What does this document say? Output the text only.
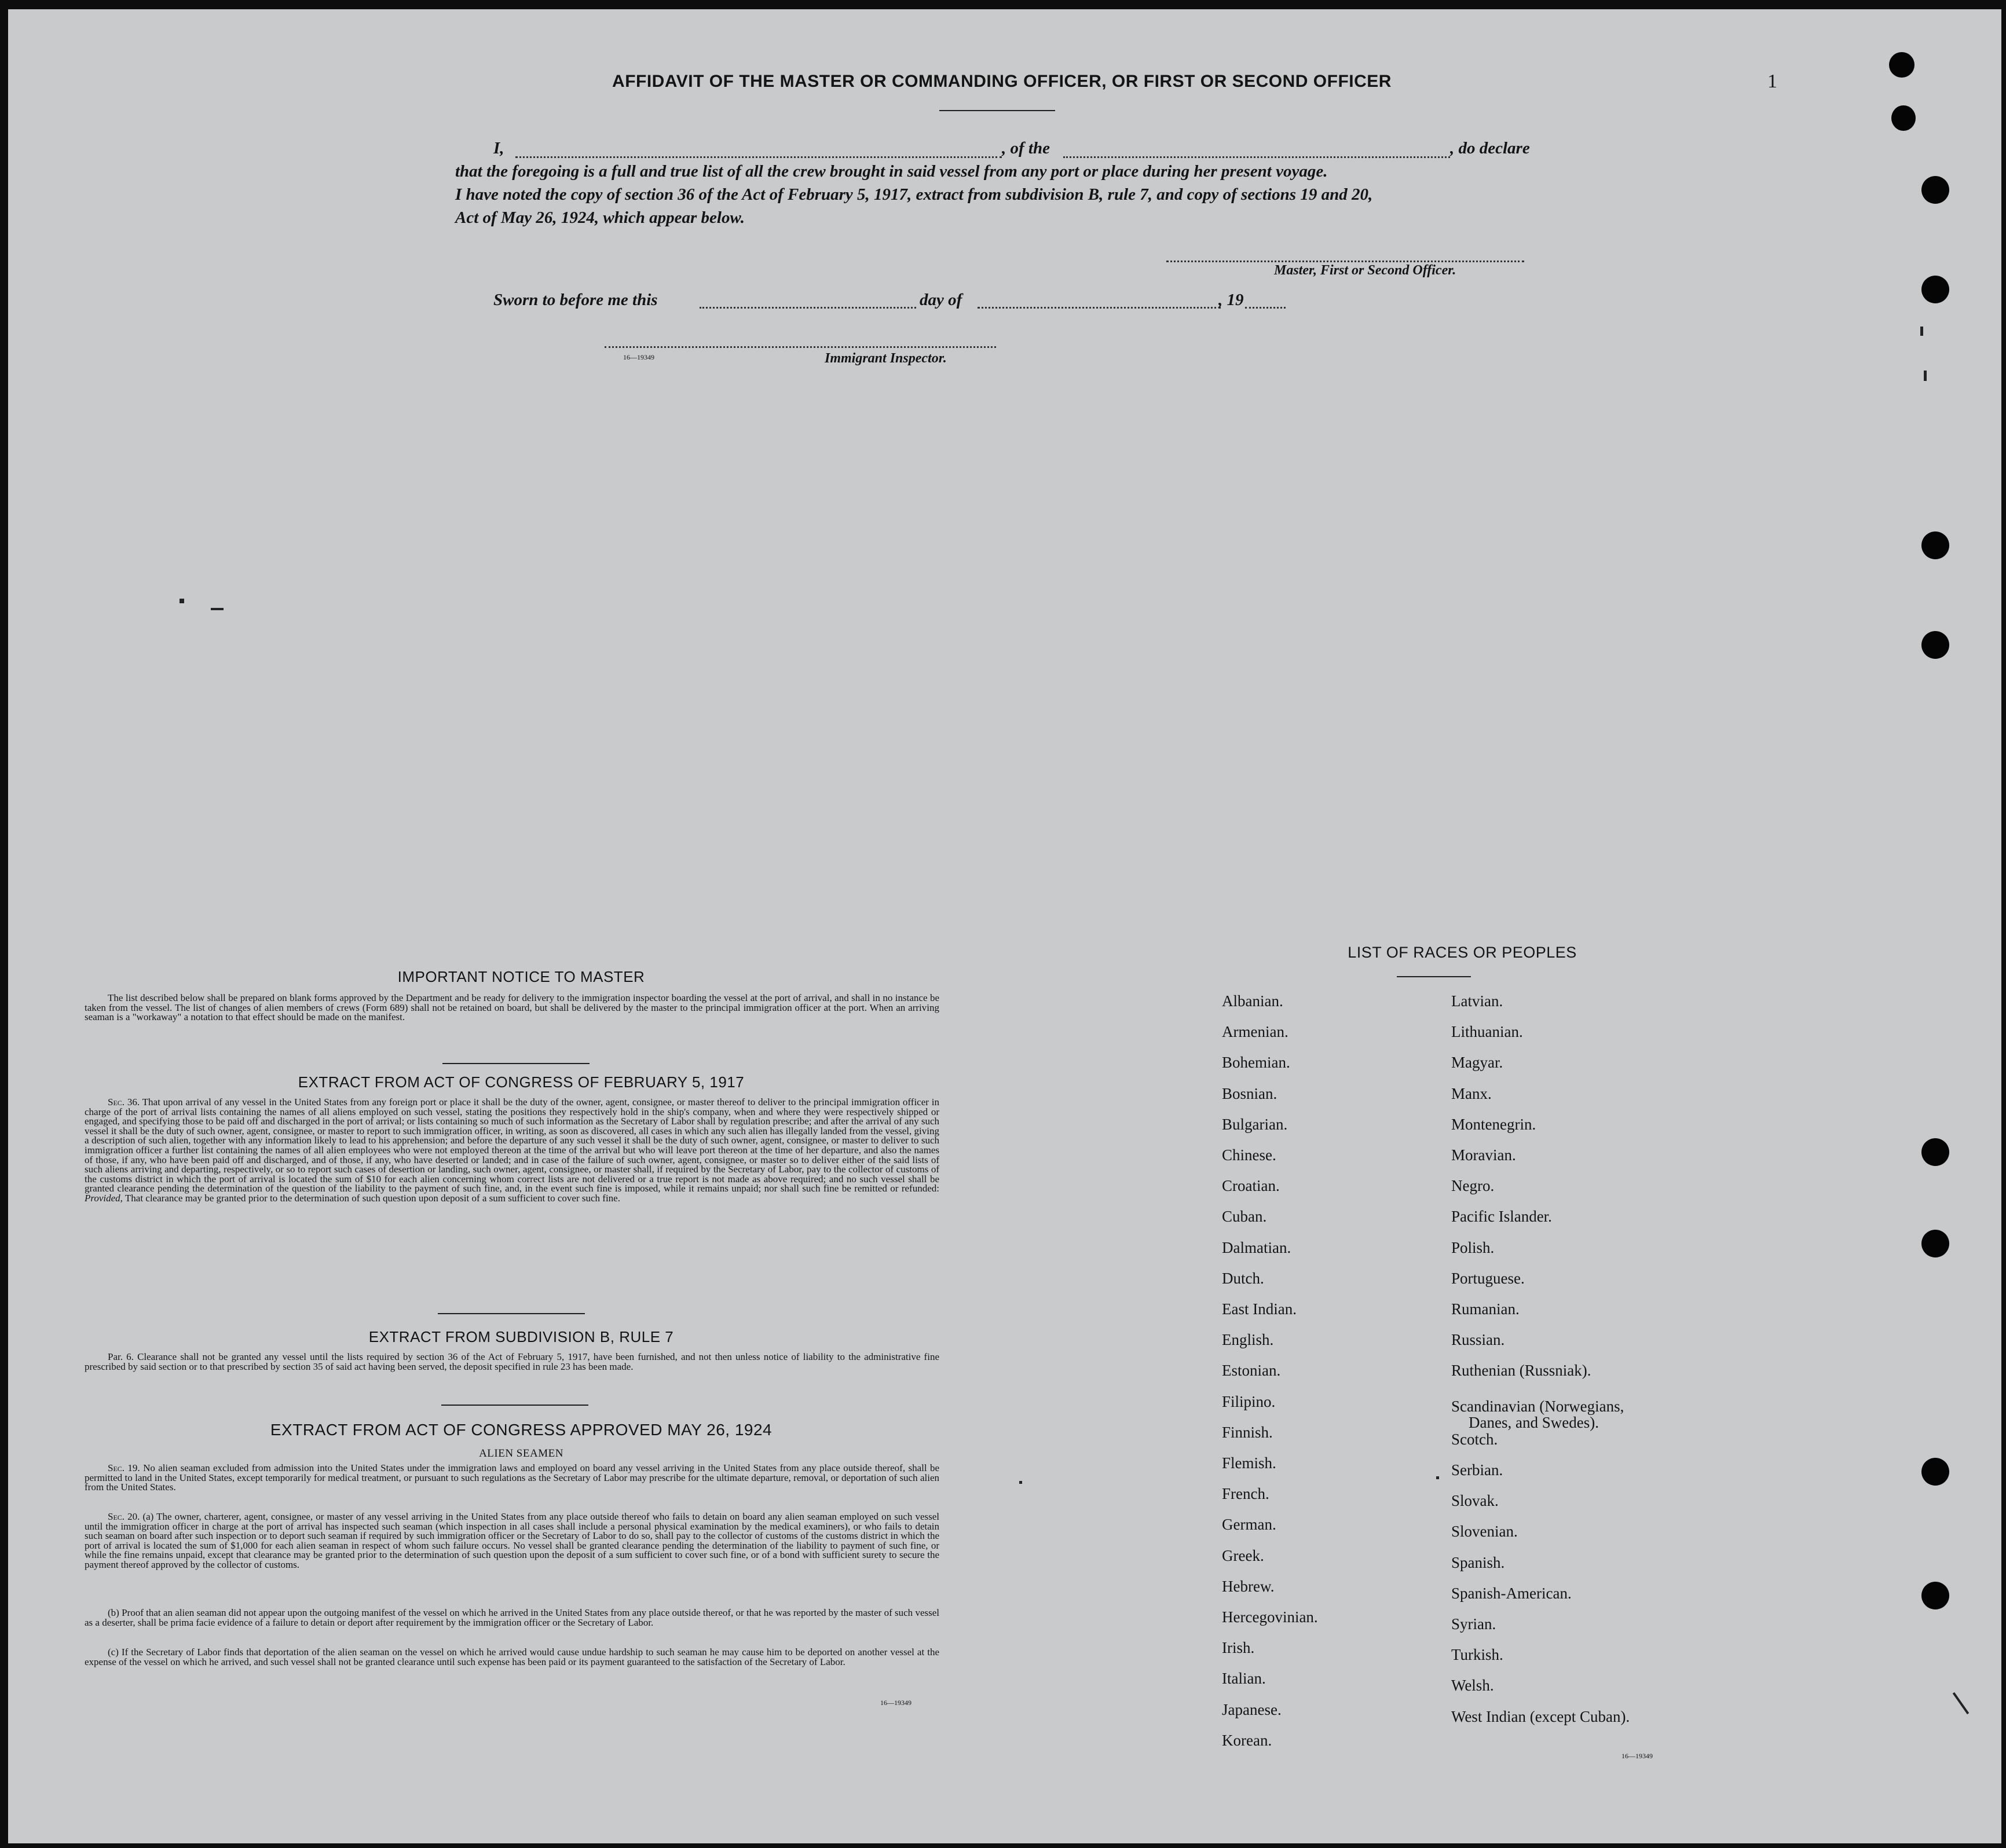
AFFIDAVIT OF THE MASTER OR COMMANDING OFFICER, OR FIRST OR SECOND OFFICER	1
I,	, of the	, do declare
that the foregoing is a full and true list of all the crew brought in said vessel from any port or place during her present voyage.
I have noted the copy of section 36 of the Act of February 5, 1917, extract from subdivision B, rule 7, and copy of sections 19 and 20,
Act of May 26, 1924, which appear below.
Master, First or Second Officer.
Sworn to before me this	day of	, 19
16—19349	Immigrant Inspector.
IMPORTANT NOTICE TO MASTER

The list described below shall be prepared on blank forms approved by the Department and be ready for delivery to the immigration inspector boarding the vessel at the port of arrival, and shall in no instance be taken from the vessel. The list of changes of alien members of crews (Form 689) shall not be retained on board, but shall be delivered by the master to the principal immigration officer at the port. When an arriving seaman is a "workaway" a notation to that effect should be made on the manifest.

EXTRACT FROM ACT OF CONGRESS OF FEBRUARY 5, 1917

Sec. 36. That upon arrival of any vessel in the United States from any foreign port or place it shall be the duty of the owner, agent, consignee, or master thereof to deliver to the principal immigration officer in charge of the port of arrival lists containing the names of all aliens employed on such vessel, stating the positions they respectively hold in the ship's company, when and where they were respectively shipped or engaged, and specifying those to be paid off and discharged in the port of arrival; or lists containing so much of such information as the Secretary of Labor shall by regulation prescribe; and after the arrival of any such vessel it shall be the duty of such owner, agent, consignee, or master to report to such immigration officer, in writing, as soon as discovered, all cases in which any such alien has illegally landed from the vessel, giving a description of such alien, together with any information likely to lead to his apprehension; and before the departure of any such vessel it shall be the duty of such owner, agent, consignee, or master to deliver to such immigration officer a further list containing the names of all alien employees who were not employed thereon at the time of the arrival but who will leave port thereon at the time of her departure, and also the names of those, if any, who have been paid off and discharged, and of those, if any, who have deserted or landed; and in case of the failure of such owner, agent, consignee, or master so to deliver either of the said lists of such aliens arriving and departing, respectively, or so to report such cases of desertion or landing, such owner, agent, consignee, or master shall, if required by the Secretary of Labor, pay to the collector of customs of the customs district in which the port of arrival is located the sum of $10 for each alien concerning whom correct lists are not delivered or a true report is not made as above required; and no such vessel shall be granted clearance pending the determination of the question of the liability to the payment of such fine, and, in the event such fine is imposed, while it remains unpaid; nor shall such fine be remitted or refunded: Provided, That clearance may be granted prior to the determination of such question upon deposit of a sum sufficient to cover such fine.

EXTRACT FROM SUBDIVISION B, RULE 7

Par. 6. Clearance shall not be granted any vessel until the lists required by section 36 of the Act of February 5, 1917, have been furnished, and not then unless notice of liability to the administrative fine prescribed by said section or to that prescribed by section 35 of said act having been served, the deposit specified in rule 23 has been made.

EXTRACT FROM ACT OF CONGRESS APPROVED MAY 26, 1924
ALIEN SEAMEN

Sec. 19. No alien seaman excluded from admission into the United States under the immigration laws and employed on board any vessel arriving in the United States from any place outside thereof, shall be permitted to land in the United States, except temporarily for medical treatment, or pursuant to such regulations as the Secretary of Labor may prescribe for the ultimate departure, removal, or deportation of such alien from the United States.

Sec. 20. (a) The owner, charterer, agent, consignee, or master of any vessel arriving in the United States from any place outside thereof who fails to detain on board any alien seaman employed on such vessel until the immigration officer in charge at the port of arrival has inspected such seaman (which inspection in all cases shall include a personal physical examination by the medical examiners), or who fails to detain such seaman on board after such inspection or to deport such seaman if required by such immigration officer or the Secretary of Labor to do so, shall pay to the collector of customs of the customs district in which the port of arrival is located the sum of $1,000 for each alien seaman in respect of whom such failure occurs. No vessel shall be granted clearance pending the determination of the liability to payment of such fine, or while the fine remains unpaid, except that clearance may be granted prior to the determination of such question upon the deposit of a sum sufficient to cover such fine, or of a bond with sufficient surety to secure the payment thereof approved by the collector of customs.

(b) Proof that an alien seaman did not appear upon the outgoing manifest of the vessel on which he arrived in the United States from any place outside thereof, or that he was reported by the master of such vessel as a deserter, shall be prima facie evidence of a failure to detain or deport after requirement by the immigration officer or the Secretary of Labor.

(c) If the Secretary of Labor finds that deportation of the alien seaman on the vessel on which he arrived would cause undue hardship to such seaman he may cause him to be deported on another vessel at the expense of the vessel on which he arrived, and such vessel shall not be granted clearance until such expense has been paid or its payment guaranteed to the satisfaction of the Secretary of Labor.

16—19349
LIST OF RACES OR PEOPLES
Albanian.
Armenian.
Bohemian.
Bosnian.
Bulgarian.
Chinese.
Croatian.
Cuban.
Dalmatian.
Dutch.
East Indian.
English.
Estonian.
Filipino.
Finnish.
Flemish.
French.
German.
Greek.
Hebrew.
Hercegovinian.
Irish.
Italian.
Japanese.
Korean.
Latvian.
Lithuanian.
Magyar.
Manx.
Montenegrin.
Moravian.
Negro.
Pacific Islander.
Polish.
Portuguese.
Rumanian.
Russian.
Ruthenian (Russniak).
Scandinavian (Norwegians,
Danes, and Swedes).
Scotch.
Serbian.
Slovak.
Slovenian.
Spanish.
Spanish-American.
Syrian.
Turkish.
Welsh.
West Indian (except Cuban).
16—19349
